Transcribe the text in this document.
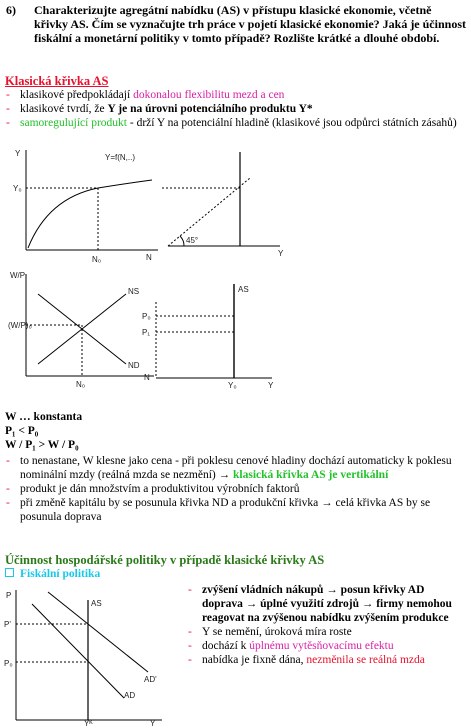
6) Charakterizujte agregátní nabídku (AS) v přístupu klasické ekonomie, včetně křivky AS. Čím se vyznačujte trh práce v pojetí klasické ekonomie? Jaká je účinnost fiskální a monetární politiky v tomto případě? Rozlište krátké a dlouhé období.
Klasická křivka AS
- klasikové předpokládají dokonalou flexibilitu mezd a cen
- klasikové tvrdí, že Y je na úrovni potenciálního produktu Y*
- samoregulující produkt - drží Y na potenciální hladině (klasikové jsou odpůrci státních zásahů)
Y
Y₀
Y=f(N,..)
N
N₀
45°
Y
W/P
(W/P)₀
NS
ND
N
N₀
AS
P₀
P₁
Y
Y₀
W … konstanta
P₁ < P₀
W / P₁ > W / P₀
- to nenastane, W klesne jako cena - při poklesu cenové hladiny dochází automaticky k poklesu nominální mzdy (reálná mzda se nezmění) → klasická křivka AS je vertikální
- produkt je dán množstvím a produktivitou výrobních faktorů
- při změně kapitálu by se posunula křivka ND a produkční křivka → celá křivka AS by se posunula doprava
Účinnost hospodářské politiky v případě klasické křivky AS
Fiskální politika
P
P'
P₀
AS
AD'
AD
Y
Yᴷ
- zvýšení vládních nákupů → posun křivky AD doprava → úplné využití zdrojů → firmy nemohou reagovat na zvýšenou nabídku zvýšením produkce
- Y se nemění, úroková míra roste
- dochází k úplnému vytěsňovacímu efektu
- nabídka je fixně dána, nezměnila se reálná mzda
